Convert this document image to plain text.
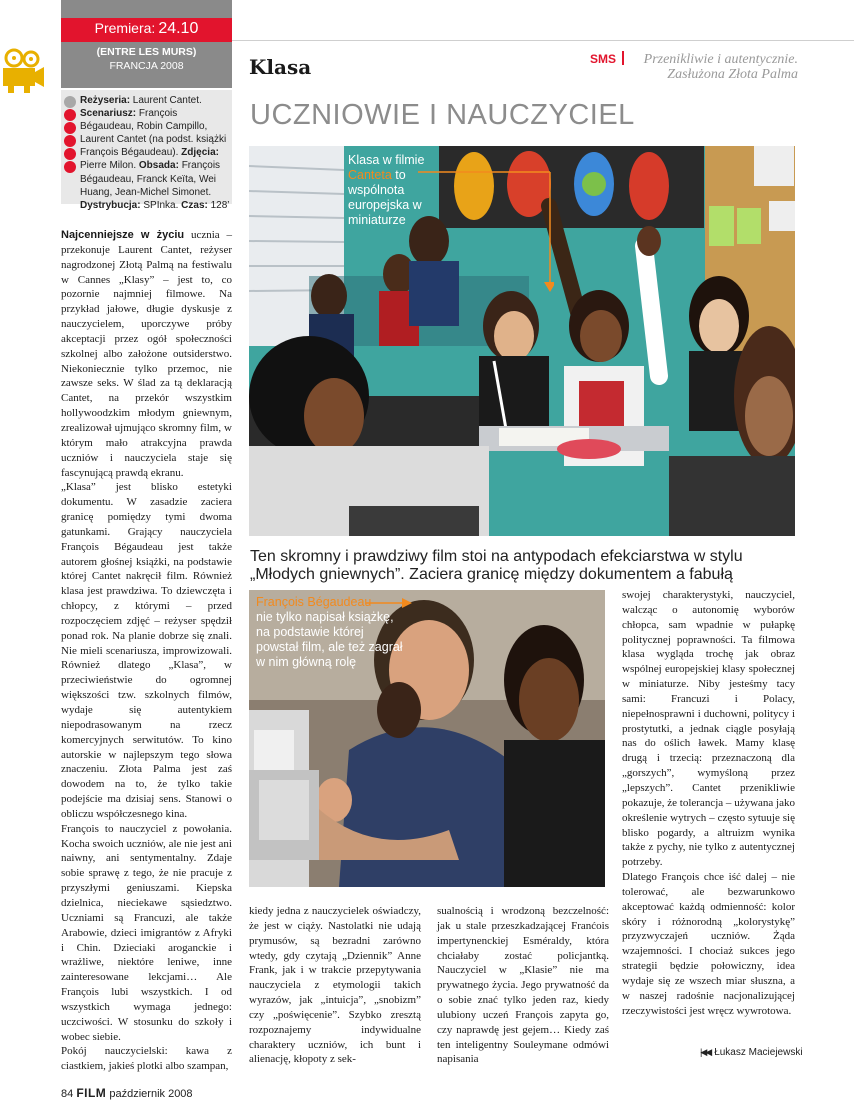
Premiera: 24.10
(ENTRE LES MURS)
FRANCJA 2008
Reżyseria: Laurent Cantet. Scenariusz: François Bégaudeau, Robin Campillo, Laurent Cantet (na podst. książki François Bégaudeau). Zdjęcia: Pierre Milon. Obsada: François Bégaudeau, Franck Keïta, Wei Huang, Jean-Michel Simonet. Dystrybucja: SPInka. Czas: 128’
Klasa	SMS	Przenikliwie i autentycznie.
Zasłużona Złota Palma
UCZNIOWIE I NAUCZYCIEL
Klasa w filmie Canteta to wspólnota europejska w miniaturze
Ten skromny i prawdziwy film stoi na antypodach efekciarstwa w stylu „Młodych gniewnych”. Zaciera granicę między dokumentem a fabułą
François Bégaudeau
nie tylko napisał książkę, na podstawie której powstał film, ale też zagrał w nim główną rolę
Najcenniejsze w życiu ucznia – przekonuje Laurent Cantet, reżyser nagrodzonej Złotą Palmą na festiwalu w Cannes „Klasy” – jest to, co pozornie najmniej filmowe. Na przykład jałowe, długie dyskusje z nauczycielem, uporczywe próby akceptacji przez ogół społeczności szkolnej albo założone outsiderstwo. Niekoniecznie tylko przemoc, nie zawsze seks. W ślad za tą deklaracją Cantet, na przekór wszystkim hollywoodzkim młodym gniewnym, zrealizował ujmująco skromny film, w którym mało atrakcyjna prawda uczniów i nauczyciela staje się fascynującą prawdą ekranu.
„Klasa” jest blisko estetyki dokumentu. W zasadzie zaciera granicę pomiędzy tymi dwoma gatunkami. Grający nauczyciela François Bégaudeau jest także autorem głośnej książki, na podstawie której Cantet nakręcił film. Również klasa jest prawdziwa. To dziewczęta i chłopcy, z którymi – przed rozpoczęciem zdjęć – reżyser spędził ponad rok. Na planie dobrze się znali. Nie mieli scenariusza, improwizowali. Również dlatego „Klasa”, w przeciwieństwie do ogromnej większości tzw. szkolnych filmów, wydaje się autentykiem niepodrasowanym na rzecz komercyjnych serwitutów. To kino autorskie w najlepszym tego słowa znaczeniu. Złota Palma jest zaś dowodem na to, że tylko takie podejście ma dzisiaj sens. Stanowi o obliczu współczesnego kina.
François to nauczyciel z powołania. Kocha swoich uczniów, ale nie jest ani naiwny, ani sentymentalny. Zdaje sobie sprawę z tego, że nie pracuje z przyszłymi geniuszami. Kiepska dzielnica, nieciekawe sąsiedztwo. Uczniami są Francuzi, ale także Arabowie, dzieci imigrantów z Afryki i Chin. Dzieciaki aroganckie i wrażliwe, niektóre leniwe, inne zainteresowane lekcjami… Ale François lubi wszystkich. I od wszystkich wymaga jednego: uczciwości. W stosunku do szkoły i wobec siebie.
Pokój nauczycielski: kawa z ciastkiem, jakieś plotki albo szampan,
kiedy jedna z nauczycielek oświadczy, że jest w ciąży. Nastolatki nie udają prymusów, są bezradni zarówno wtedy, gdy czytają „Dziennik” Anne Frank, jak i w trakcie przepytywania nauczyciela z etymologii takich wyrazów, jak „intuicja”, „snobizm” czy „poświęcenie”. Szybko zresztą rozpoznajemy indywidualne charaktery uczniów, ich bunt i alienację, kłopoty z sek-
sualnością i wrodzoną bezczelność: jak u stale przeszkadzającej Franćois impertynenckiej Esméraldy, która chciałaby zostać policjantką. Nauczyciel w „Klasie” nie ma prywatnego życia. Jego prywatność da o sobie znać tylko jeden raz, kiedy ulubiony uczeń François zapyta go, czy naprawdę jest gejem… Kiedy zaś ten inteligentny Souleymane odmówi napisania
swojej charakterystyki, nauczyciel, walcząc o autonomię wyborów chłopca, sam wpadnie w pułapkę politycznej poprawności. Ta filmowa klasa wygląda trochę jak obraz wspólnej europejskiej klasy społecznej w miniaturze. Niby jesteśmy tacy sami: Francuzi i Polacy, niepełnosprawni i duchowni, politycy i prostytutki, a jednak ciągle posyłają nas do oślich ławek. Mamy klasę drugą i trzecią: przeznaczoną dla „gorszych”, wymyśloną przez „lepszych”. Cantet przenikliwie pokazuje, że tolerancja – używana jako określenie wytrych – często sytuuje się blisko pogardy, a altruizm wynika także z pychy, nie tylko z autentycznej potrzeby.
Dlatego François chce iść dalej – nie tolerować, ale bezwarunkowo akceptować każdą odmienność: kolor skóry i różnorodną „kolorystykę” przyzwyczajeń uczniów. Żąda wzajemności. I chociaż sukces jego strategii będzie połowiczny, idea wydaje się ze wszech miar słuszna, a w naszej radośnie nacjonalizującej rzeczywistości jest wręcz wywrotowa.
|◀◀ Łukasz Maciejewski
84 FILM październik 2008
